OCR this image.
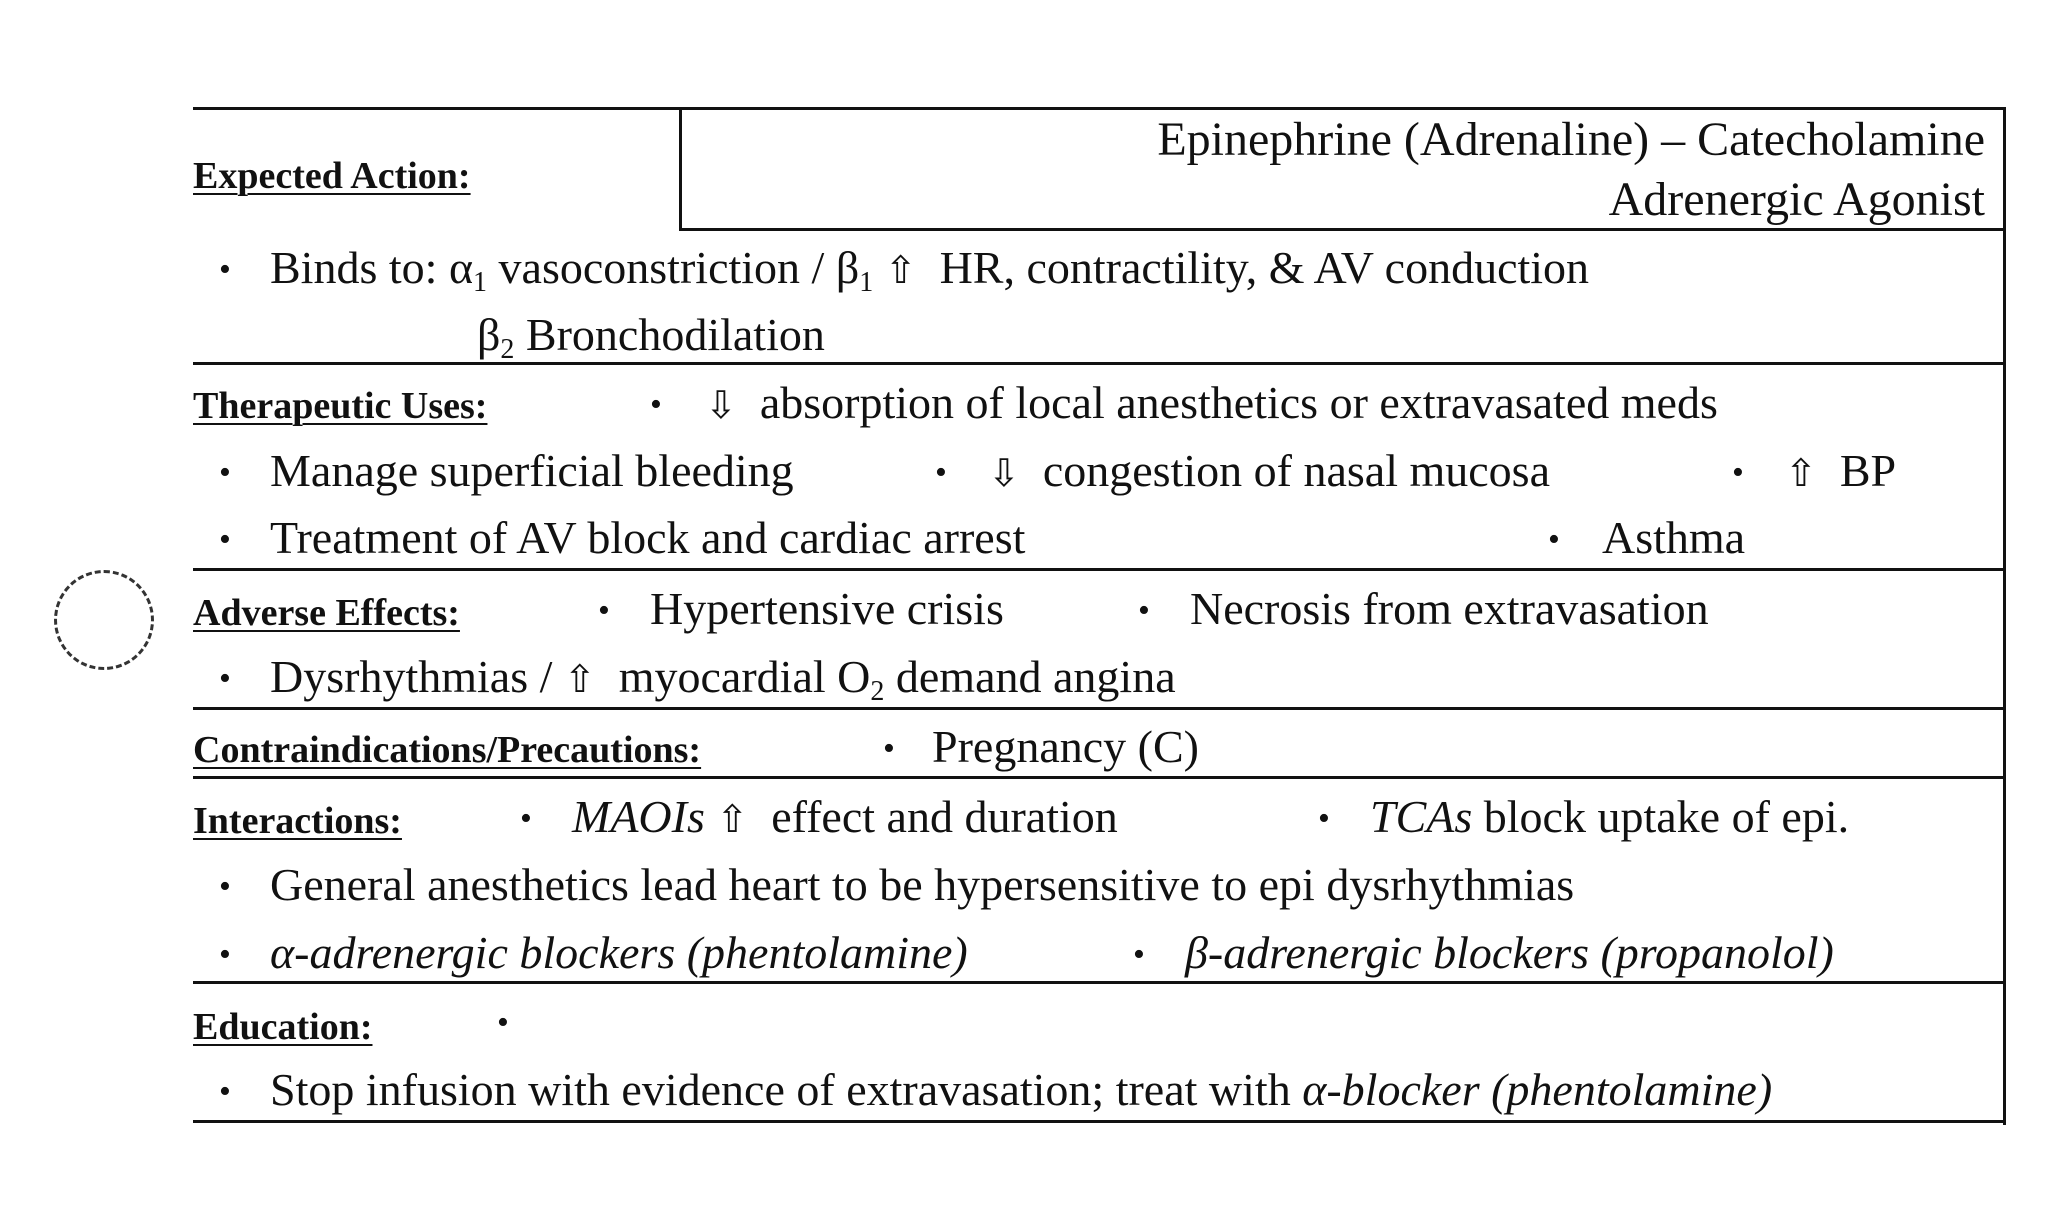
Epinephrine (Adrenaline) – Catecholamine
Adrenergic Agonist
Expected Action:
• Binds to: $\alpha_1$ vasoconstriction / $\beta_1$ ⇧ HR, contractility, & AV conduction
$\beta_2$ Bronchodilation
Therapeutic Uses:	• ⇩ absorption of local anesthetics or extravasated meds
• Manage superficial bleeding	• ⇩ congestion of nasal mucosa	• ⇧ BP
• Treatment of AV block and cardiac arrest	• Asthma
Adverse Effects:	• Hypertensive crisis	• Necrosis from extravasation
• Dysrhythmias / ⇧ myocardial $O_2$ demand angina
Contraindications/Precautions:	• Pregnancy (C)
Interactions:	• MAOIs ⇧ effect and duration	• TCAs block uptake of epi.
• General anesthetics lead heart to be hypersensitive to epi dysrhythmias
• α-adrenergic blockers (phentolamine)	• β-adrenergic blockers (propanolol)
Education:	•
• Stop infusion with evidence of extravasation; treat with α-blocker (phentolamine)
